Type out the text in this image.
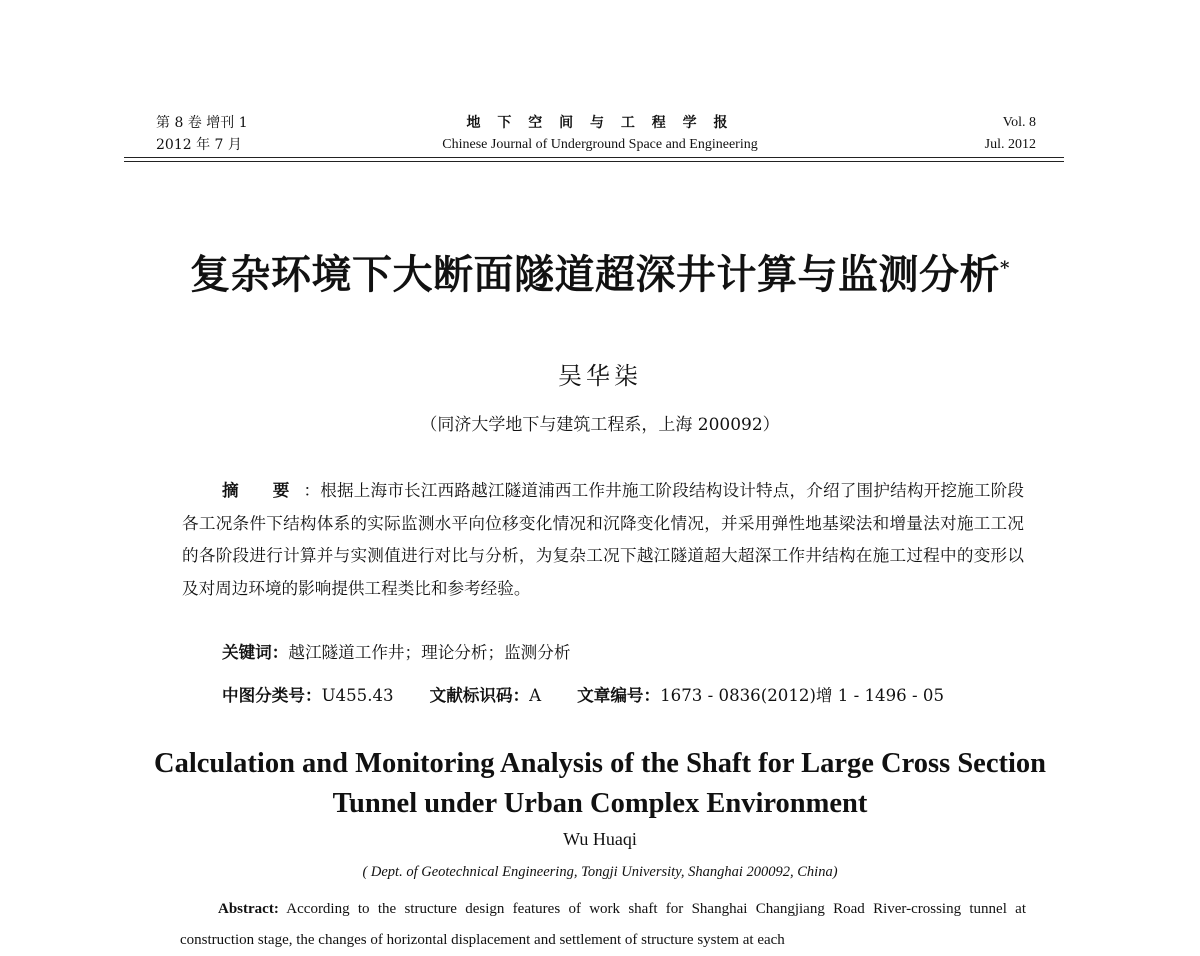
第 8 卷 增刊 1
2012 年 7 月
地 下 空 间 与 工 程 学 报
Chinese Journal of Underground Space and Engineering
Vol. 8
Jul. 2012
复杂环境下大断面隧道超深井计算与监测分析*
吴华柒
（同济大学地下与建筑工程系，上海 200092）
摘 要：根据上海市长江西路越江隧道浦西工作井施工阶段结构设计特点，介绍了围护结构开挖施工阶段各工况条件下结构体系的实际监测水平向位移变化情况和沉降变化情况，并采用弹性地基梁法和增量法对施工工况的各阶段进行计算并与实测值进行对比与分析，为复杂工况下越江隧道超大超深工作井结构在施工过程中的变形以及对周边环境的影响提供工程类比和参考经验。
关键词：越江隧道工作井；理论分析；监测分析
中图分类号：U455.43 文献标识码：A 文章编号：1673 - 0836(2012)增 1 - 1496 - 05
Calculation and Monitoring Analysis of the Shaft for Large Cross Section
Tunnel under Urban Complex Environment
Wu Huaqi
( Dept. of Geotechnical Engineering, Tongji University, Shanghai 200092, China)
Abstract: According to the structure design features of work shaft for Shanghai Changjiang Road River-crossing tunnel at construction stage, the changes of horizontal displacement and settlement of structure system at each
